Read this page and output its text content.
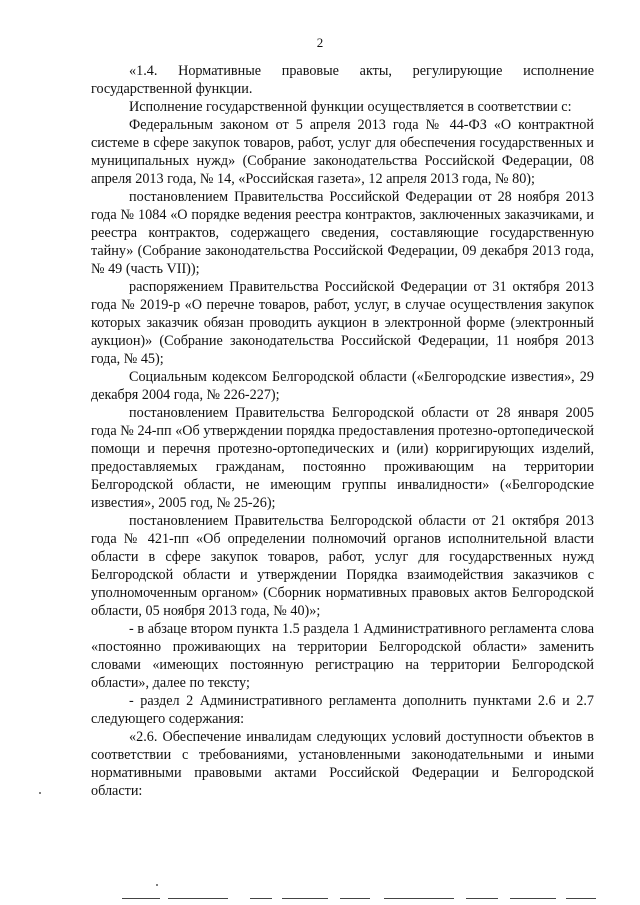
2

«1.4. Нормативные правовые акты, регулирующие исполнение государственной функции.

Исполнение государственной функции осуществляется в соответствии с:

Федеральным законом от 5 апреля 2013 года № 44-ФЗ «О контрактной системе в сфере закупок товаров, работ, услуг для обеспечения государственных и муниципальных нужд» (Собрание законодательства Российской Федерации, 08 апреля 2013 года, № 14, «Российская газета», 12 апреля 2013 года, № 80);

постановлением Правительства Российской Федерации от 28 ноября 2013 года № 1084 «О порядке ведения реестра контрактов, заключенных заказчиками, и реестра контрактов, содержащего сведения, составляющие государственную тайну» (Собрание законодательства Российской Федерации, 09 декабря 2013 года, № 49 (часть VII));

распоряжением Правительства Российской Федерации от 31 октября 2013 года № 2019-р «О перечне товаров, работ, услуг, в случае осуществления закупок которых заказчик обязан проводить аукцион в электронной форме (электронный аукцион)» (Собрание законодательства Российской Федерации, 11 ноября 2013 года, № 45);

Социальным кодексом Белгородской области («Белгородские известия», 29 декабря 2004 года, № 226-227);

постановлением Правительства Белгородской области от 28 января 2005 года № 24-пп «Об утверждении порядка предоставления протезно-ортопедической помощи и перечня протезно-ортопедических и (или) корригирующих изделий, предоставляемых гражданам, постоянно проживающим на территории Белгородской области, не имеющим группы инвалидности» («Белгородские известия», 2005 год, № 25-26);

постановлением Правительства Белгородской области от 21 октября 2013 года № 421-пп «Об определении полномочий органов исполнительной власти области в сфере закупок товаров, работ, услуг для государственных нужд Белгородской области и утверждении Порядка взаимодействия заказчиков с уполномоченным органом» (Сборник нормативных правовых актов Белгородской области, 05 ноября 2013 года, № 40)»;

- в абзаце втором пункта 1.5 раздела 1 Административного регламента слова «постоянно проживающих на территории Белгородской области» заменить словами «имеющих постоянную регистрацию на территории Белгородской области», далее по тексту;

- раздел 2 Административного регламента дополнить пунктами 2.6 и 2.7 следующего содержания:

«2.6. Обеспечение инвалидам следующих условий доступности объектов в соответствии с требованиями, установленными законодательными и иными нормативными правовыми актами Российской Федерации и Белгородской области:
